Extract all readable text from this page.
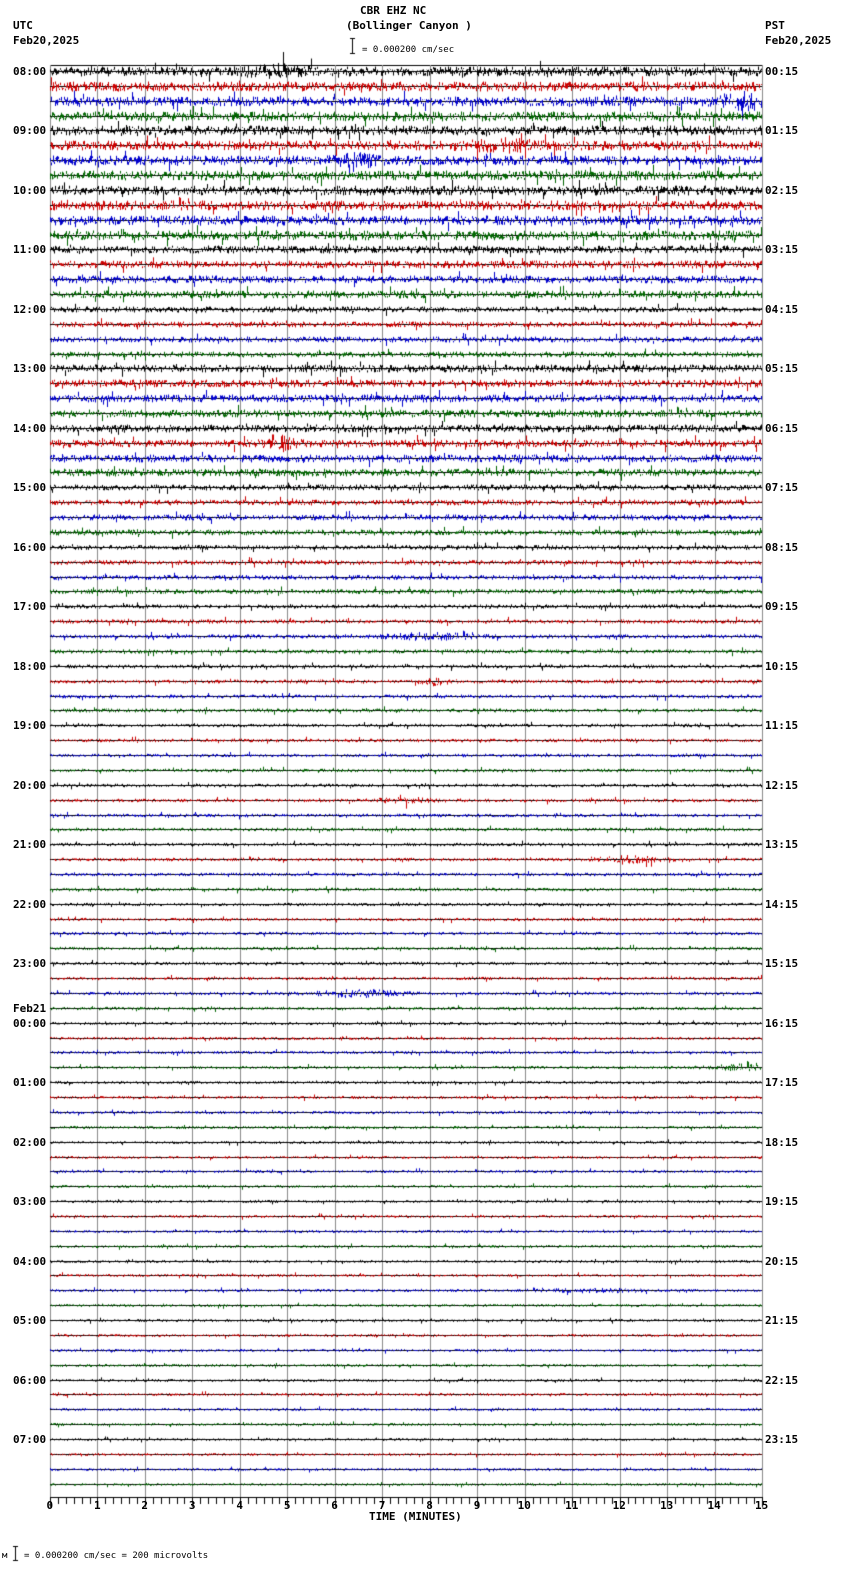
CBR EHZ NC
(Bollinger Canyon )
UTC
Feb20,2025
PST
Feb20,2025
= 0.000200 cm/sec
08:00
09:00
10:00
11:00
12:00
13:00
14:00
15:00
16:00
17:00
18:00
19:00
20:00
21:00
22:00
23:00
00:00
Feb21
01:00
02:00
03:00
04:00
05:00
06:00
07:00
00:15
01:15
02:15
03:15
04:15
05:15
06:15
07:15
08:15
09:15
10:15
11:15
12:15
13:15
14:15
15:15
16:15
17:15
18:15
19:15
20:15
21:15
22:15
23:15
0	1	2	3	4	5	6	7	8	9	10	11	12	13	14	15
TIME (MINUTES)
м = 0.000200 cm/sec = 200 microvolts
